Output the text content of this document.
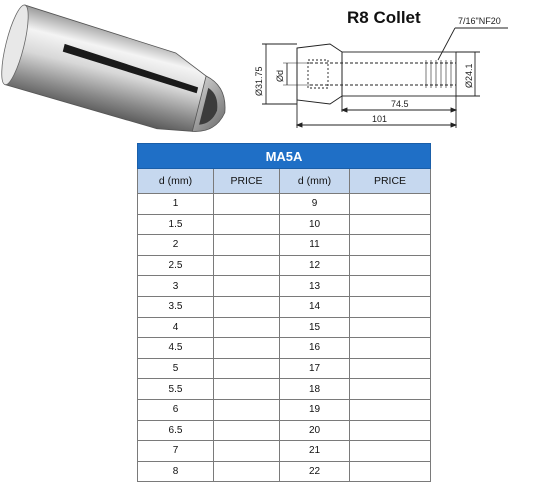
R8 Collet	7/16"NF20
Ø31.75 Ød	Ø24.1
74.5
101
MA5A			
d (mm)	PRICE	d (mm)	PRICE
1		9	
1.5		10	
2		11	
2.5		12	
3		13	
3.5		14	
4		15	
4.5		16	
5		17	
5.5		18	
6		19	
6.5		20	
7		21	
8		22	
